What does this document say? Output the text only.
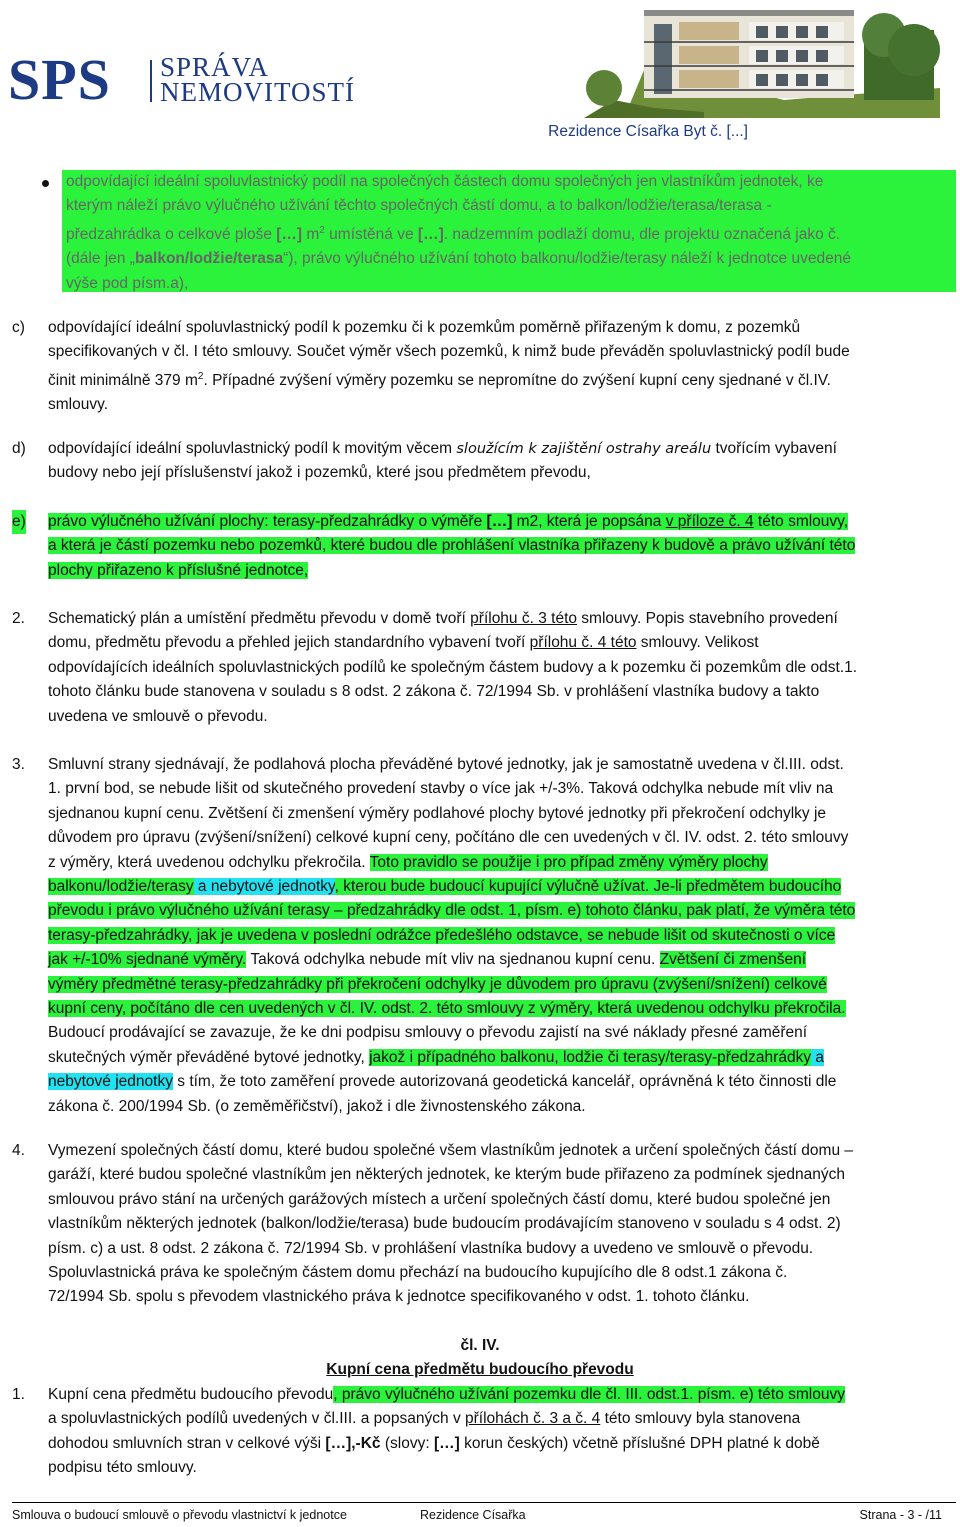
SPS SPRÁVA
NEMOVITOSTÍ
Rezidence Císařka Byt č. [...]
odpovídající ideální spoluvlastnický podíl na společných částech domu společných jen vlastníkům jednotek, ke
kterým náleží právo výlučného užívání těchto společných částí domu, a to balkon/lodžie/terasa/terasa -
předzahrádka o celkové ploše […] $m^2$ umístěná ve […]. nadzemním podlaží domu, dle projektu označená jako č.
(dále jen „balkon/lodžie/terasa“), právo výlučného užívání tohoto balkonu/lodžie/terasy náleží k jednotce uvedené
výše pod písm.a),
c) odpovídající ideální spoluvlastnický podíl k pozemku či k pozemkům poměrně přiřazeným k domu, z pozemků
specifikovaných v čl. I této smlouvy. Součet výměr všech pozemků, k nimž bude převáděn spoluvlastnický podíl bude
činit minimálně 379 $m^2$. Případné zvýšení výměry pozemku se nepromítne do zvýšení kupní ceny sjednané v čl.IV.
smlouvy.
d) odpovídající ideální spoluvlastnický podíl k movitým věcem sloužícím k zajištění ostrahy areálu tvořícím vybavení
budovy nebo její příslušenství jakož i pozemků, které jsou předmětem převodu,
e) právo výlučného užívání plochy: terasy-předzahrádky o výměře […] m2, která je popsána v příloze č. 4 této smlouvy,
a která je částí pozemku nebo pozemků, které budou dle prohlášení vlastníka přiřazeny k budově a právo užívání této
plochy přiřazeno k příslušné jednotce,
2. Schematický plán a umístění předmětu převodu v domě tvoří přílohu č. 3 této smlouvy. Popis stavebního provedení
domu, předmětu převodu a přehled jejich standardního vybavení tvoří přílohu č. 4 této smlouvy. Velikost
odpovídajících ideálních spoluvlastnických podílů ke společným částem budovy a k pozemku či pozemkům dle odst.1.
tohoto článku bude stanovena v souladu s 8 odst. 2 zákona č. 72/1994 Sb. v prohlášení vlastníka budovy a takto
uvedena ve smlouvě o převodu.
3. Smluvní strany sjednávají, že podlahová plocha převáděné bytové jednotky, jak je samostatně uvedena v čl.III. odst.
1. první bod, se nebude lišit od skutečného provedení stavby o více jak +/-3%. Taková odchylka nebude mít vliv na
sjednanou kupní cenu. Zvětšení či zmenšení výměry podlahové plochy bytové jednotky při překročení odchylky je
důvodem pro úpravu (zvýšení/snížení) celkové kupní ceny, počítáno dle cen uvedených v čl. IV. odst. 2. této smlouvy
z výměry, která uvedenou odchylku překročila. Toto pravidlo se použije i pro případ změny výměry plochy
balkonu/lodžie/terasy a nebytové jednotky, kterou bude budoucí kupující výlučně užívat. Je-li předmětem budoucího
převodu i právo výlučného užívání terasy – předzahrádky dle odst. 1, písm. e) tohoto článku, pak platí, že výměra této
terasy-předzahrádky, jak je uvedena v poslední odrážce předešlého odstavce, se nebude lišit od skutečnosti o více
jak +/-10% sjednané výměry. Taková odchylka nebude mít vliv na sjednanou kupní cenu. Zvětšení či zmenšení
výměry předmětné terasy-předzahrádky při překročení odchylky je důvodem pro úpravu (zvýšení/snížení) celkové
kupní ceny, počítáno dle cen uvedených v čl. IV. odst. 2. této smlouvy z výměry, která uvedenou odchylku překročila.
Budoucí prodávající se zavazuje, že ke dni podpisu smlouvy o převodu zajistí na své náklady přesné zaměření
skutečných výměr převáděné bytové jednotky, jakož i případného balkonu, lodžie či terasy/terasy-předzahrádky a
nebytové jednotky s tím, že toto zaměření provede autorizovaná geodetická kancelář, oprávněná k této činnosti dle
zákona č. 200/1994 Sb. (o zeměměřičství), jakož i dle živnostenského zákona.
4. Vymezení společných částí domu, které budou společné všem vlastníkům jednotek a určení společných částí domu –
garáží, které budou společné vlastníkům jen některých jednotek, ke kterým bude přiřazeno za podmínek sjednaných
smlouvou právo stání na určených garážových místech a určení společných částí domu, které budou společné jen
vlastníkům některých jednotek (balkon/lodžie/terasa) bude budoucím prodávajícím stanoveno v souladu s 4 odst. 2)
písm. c) a ust. 8 odst. 2 zákona č. 72/1994 Sb. v prohlášení vlastníka budovy a uvedeno ve smlouvě o převodu.
Spoluvlastnická práva ke společným částem domu přechází na budoucího kupujícího dle 8 odst.1 zákona č.
72/1994 Sb. spolu s převodem vlastnického práva k jednotce specifikovaného v odst. 1. tohoto článku.
čl. IV.
Kupní cena předmětu budoucího převodu
1. Kupní cena předmětu budoucího převodu, právo výlučného užívání pozemku dle čl. III. odst.1. písm. e) této smlouvy
a spoluvlastnických podílů uvedených v čl.III. a popsaných v přílohách č. 3 a č. 4 této smlouvy byla stanovena
dohodou smluvních stran v celkové výši […],-Kč (slovy: […] korun českých) včetně příslušné DPH platné k době
podpisu této smlouvy.
Smlouva o budoucí smlouvě o převodu vlastnictví k jednotce	Rezidence Císařka	Strana - 3 - /11
